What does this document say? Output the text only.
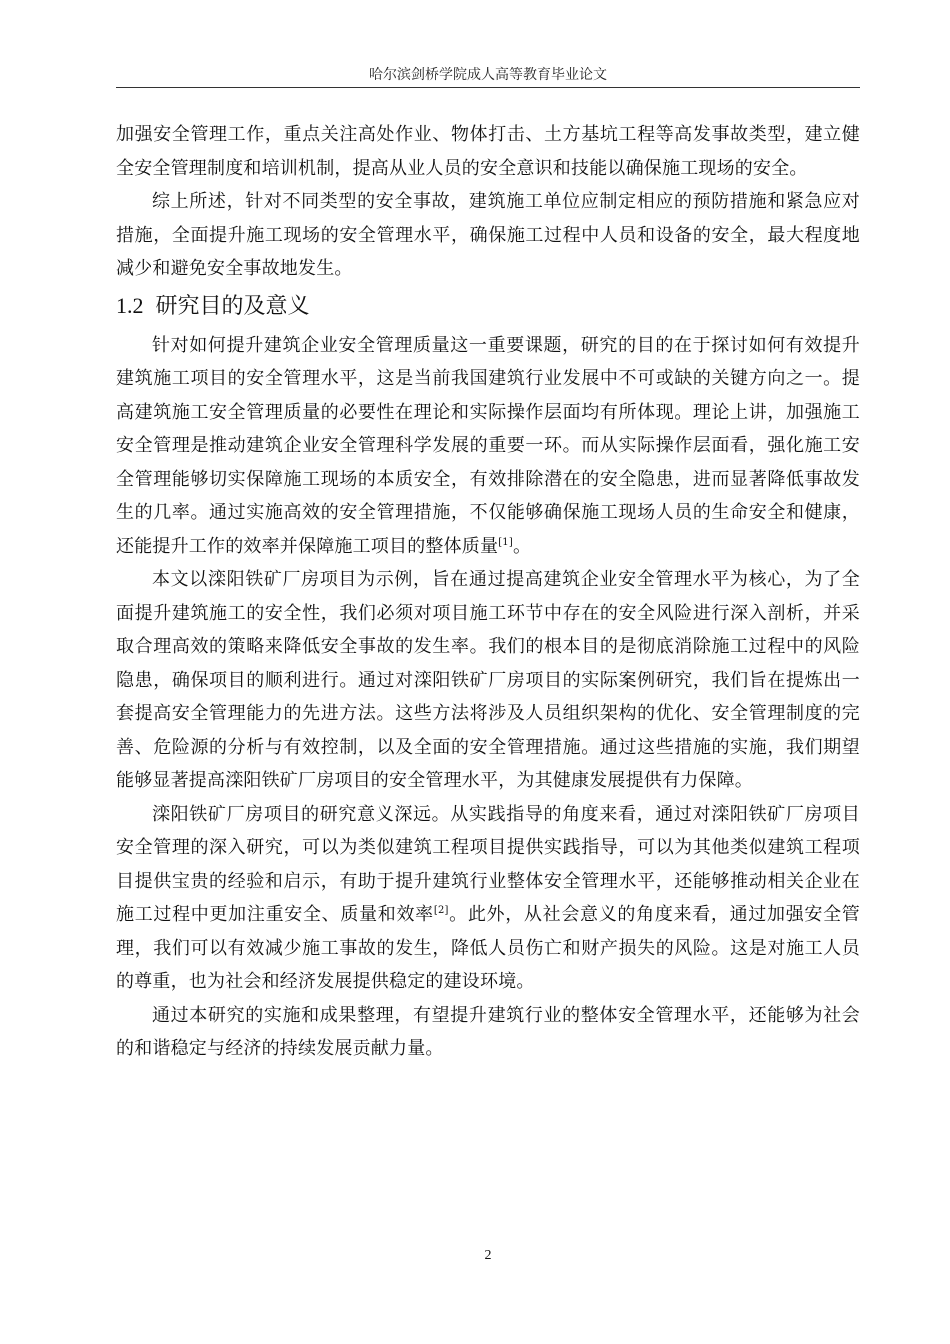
哈尔滨剑桥学院成人高等教育毕业论文

加强安全管理工作，重点关注高处作业、物体打击、土方基坑工程等高发事故类型，建立健全安全管理制度和培训机制，提高从业人员的安全意识和技能以确保施工现场的安全。

综上所述，针对不同类型的安全事故，建筑施工单位应制定相应的预防措施和紧急应对措施，全面提升施工现场的安全管理水平，确保施工过程中人员和设备的安全，最大程度地减少和避免安全事故地发生。

1.2 研究目的及意义

针对如何提升建筑企业安全管理质量这一重要课题，研究的目的在于探讨如何有效提升建筑施工项目的安全管理水平，这是当前我国建筑行业发展中不可或缺的关键方向之一。提高建筑施工安全管理质量的必要性在理论和实际操作层面均有所体现。理论上讲，加强施工安全管理是推动建筑企业安全管理科学发展的重要一环。而从实际操作层面看，强化施工安全管理能够切实保障施工现场的本质安全，有效排除潜在的安全隐患，进而显著降低事故发生的几率。通过实施高效的安全管理措施，不仅能够确保施工现场人员的生命安全和健康，还能提升工作的效率并保障施工项目的整体质量[1]。

本文以滦阳铁矿厂房项目为示例，旨在通过提高建筑企业安全管理水平为核心，为了全面提升建筑施工的安全性，我们必须对项目施工环节中存在的安全风险进行深入剖析，并采取合理高效的策略来降低安全事故的发生率。我们的根本目的是彻底消除施工过程中的风险隐患，确保项目的顺利进行。通过对滦阳铁矿厂房项目的实际案例研究，我们旨在提炼出一套提高安全管理能力的先进方法。这些方法将涉及人员组织架构的优化、安全管理制度的完善、危险源的分析与有效控制，以及全面的安全管理措施。通过这些措施的实施，我们期望能够显著提高滦阳铁矿厂房项目的安全管理水平，为其健康发展提供有力保障。

滦阳铁矿厂房项目的研究意义深远。从实践指导的角度来看，通过对滦阳铁矿厂房项目安全管理的深入研究，可以为类似建筑工程项目提供实践指导，可以为其他类似建筑工程项目提供宝贵的经验和启示，有助于提升建筑行业整体安全管理水平，还能够推动相关企业在施工过程中更加注重安全、质量和效率[2]。此外，从社会意义的角度来看，通过加强安全管理，我们可以有效减少施工事故的发生，降低人员伤亡和财产损失的风险。这是对施工人员的尊重，也为社会和经济发展提供稳定的建设环境。

通过本研究的实施和成果整理，有望提升建筑行业的整体安全管理水平，还能够为社会的和谐稳定与经济的持续发展贡献力量。

2
